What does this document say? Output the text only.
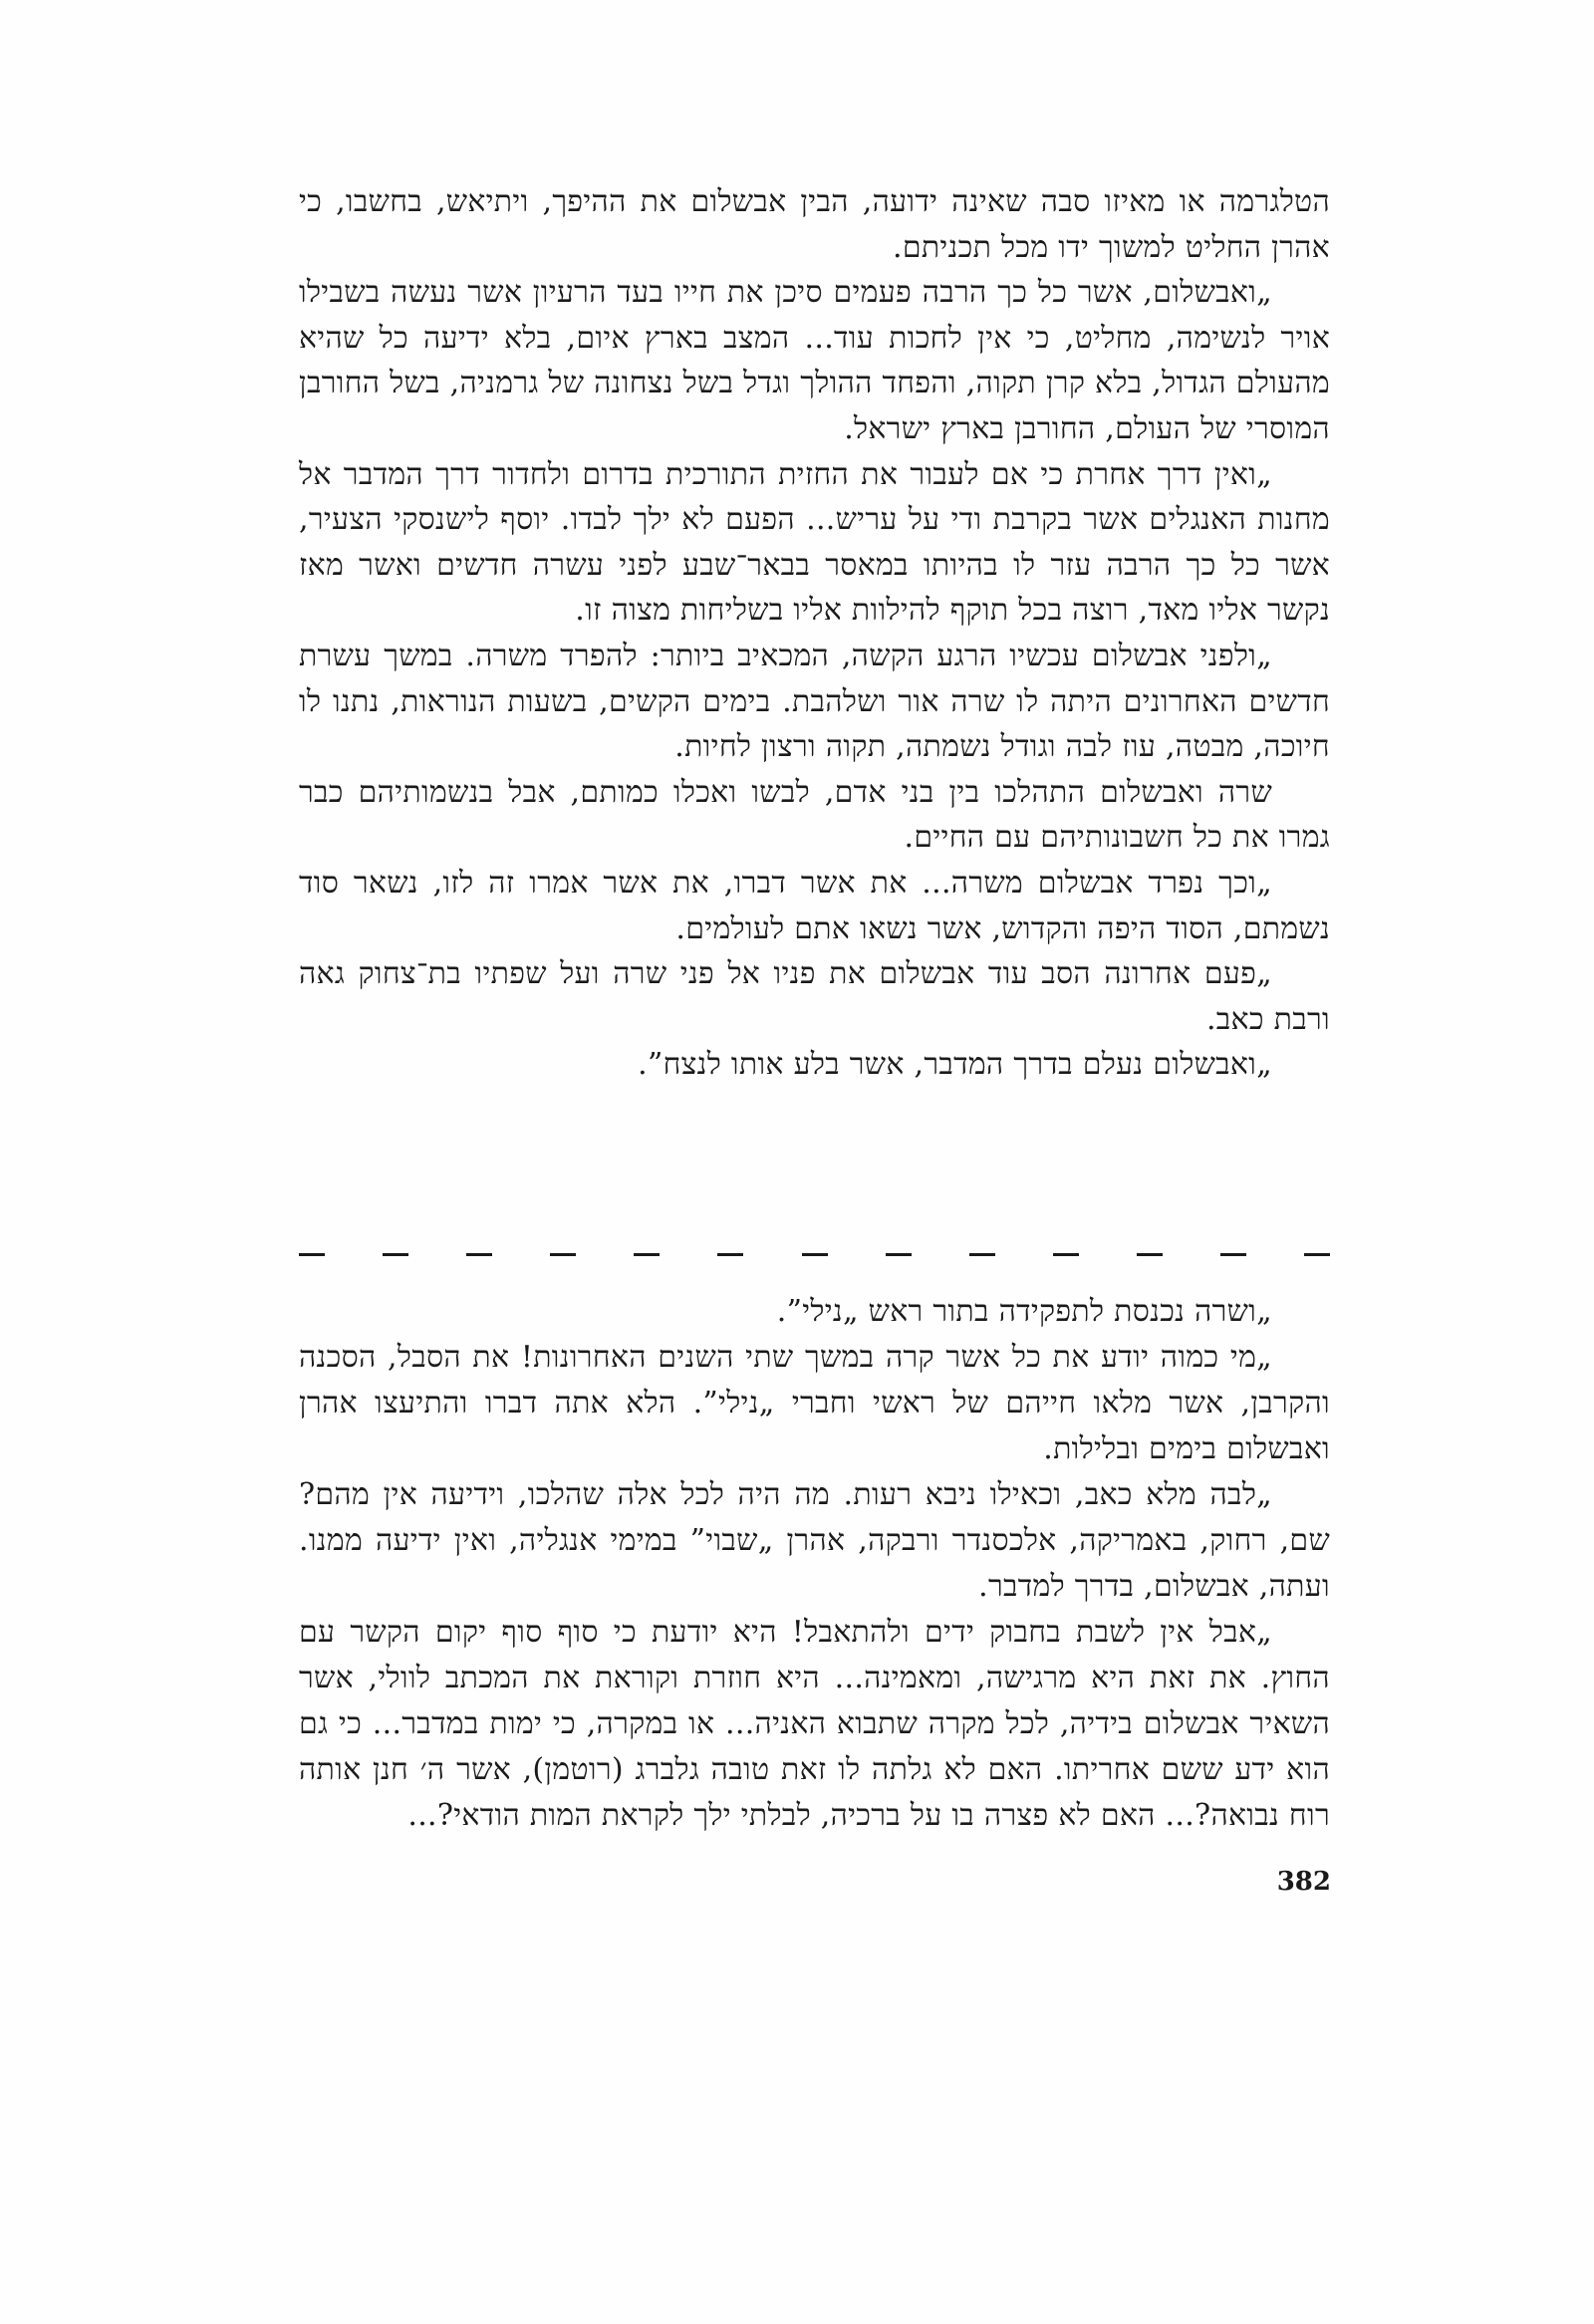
הטלגרמה או מאיזו סבה שאינה ידועה, הבין אבשלום את ההיפך, ויתיאש, בחשבו, כי אהרן החליט למשוך ידו מכל תכניתם.

„ואבשלום, אשר כל כך הרבה פעמים סיכן את חייו בעד הרעיון אשר נעשה בשבילו אויר לנשימה, מחליט, כי אין לחכות עוד... המצב בארץ איום, בלא ידיעה כל שהיא מהעולם הגדול, בלא קרן תקוה, והפחד ההולך וגדל בשל נצחונה של גרמניה, בשל החורבן המוסרי של העולם, החורבן בארץ ישראל.

„ואין דרך אחרת כי אם לעבור את החזית התורכית בדרום ולחדור דרך המדבר אל מחנות האנגלים אשר בקרבת ודי על עריש... הפעם לא ילך לבדו. יוסף לישנסקי הצעיר, אשר כל כך הרבה עזר לו בהיותו במאסר בבאר־שבע לפני עשרה חדשים ואשר מאז נקשר אליו מאד, רוצה בכל תוקף להילוות אליו בשליחות מצוה זו.

„ולפני אבשלום עכשיו הרגע הקשה, המכאיב ביותר: להפרד משרה. במשך עשרת חדשים האחרונים היתה לו שרה אור ושלהבת. בימים הקשים, בשעות הנוראות, נתנו לו חיוכה, מבטה, עוז לבה וגודל נשמתה, תקוה ורצון לחיות.

שרה ואבשלום התהלכו בין בני אדם, לבשו ואכלו כמותם, אבל בנשמותיהם כבר גמרו את כל חשבונותיהם עם החיים.

„וכך נפרד אבשלום משרה... את אשר דברו, את אשר אמרו זה לזו, נשאר סוד נשמתם, הסוד היפה והקדוש, אשר נשאו אתם לעולמים.

„פעם אחרונה הסב עוד אבשלום את פניו אל פני שרה ועל שפתיו בת־צחוק גאה ורבת כאב.

„ואבשלום נעלם בדרך המדבר, אשר בלע אותו לנצח”.

„ושרה נכנסת לתפקידה בתור ראש „נילי”.

„מי כמוה יודע את כל אשר קרה במשך שתי השנים האחרונות! את הסבל, הסכנה והקרבן, אשר מלאו חייהם של ראשי וחברי „נילי”. הלא אתה דברו והתיעצו אהרן ואבשלום בימים ובלילות.

„לבה מלא כאב, וכאילו ניבא רעות. מה היה לכל אלה שהלכו, וידיעה אין מהם? שם, רחוק, באמריקה, אלכסנדר ורבקה, אהרן „שבוי” במימי אנגליה, ואין ידיעה ממנו. ועתה, אבשלום, בדרך למדבר.

„אבל אין לשבת בחבוק ידים ולהתאבל! היא יודעת כי סוף סוף יקום הקשר עם החוץ. את זאת היא מרגישה, ומאמינה... היא חוזרת וקוראת את המכתב לוולי, אשר השאיר אבשלום בידיה, לכל מקרה שתבוא האניה... או במקרה, כי ימות במדבר... כי גם הוא ידע ששם אחריתו. האם לא גלתה לו זאת טובה גלברג (רוטמן), אשר ה׳ חנן אותה רוח נבואה?... האם לא פצרה בו על ברכיה, לבלתי ילך לקראת המות הודאי?...

382
